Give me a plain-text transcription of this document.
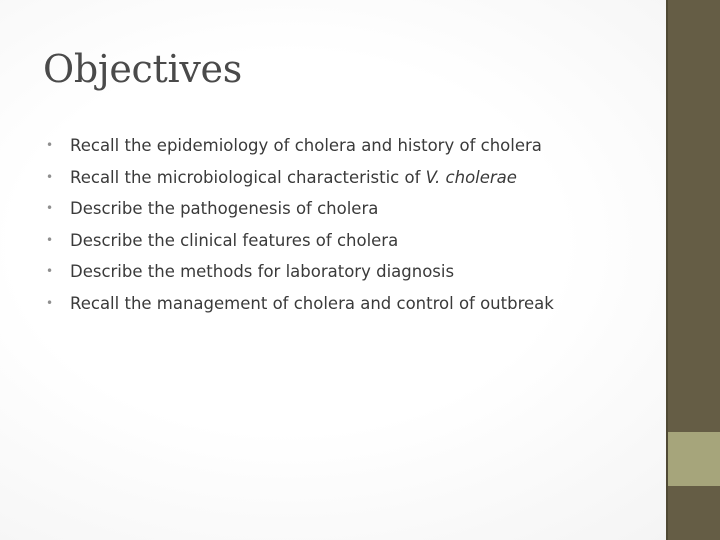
Objectives
• Recall the epidemiology of cholera and history of cholera
• Recall the microbiological characteristic of V. cholerae
• Describe the pathogenesis of cholera
• Describe the clinical features of cholera
• Describe the methods for laboratory diagnosis
• Recall the management of cholera and control of outbreak
